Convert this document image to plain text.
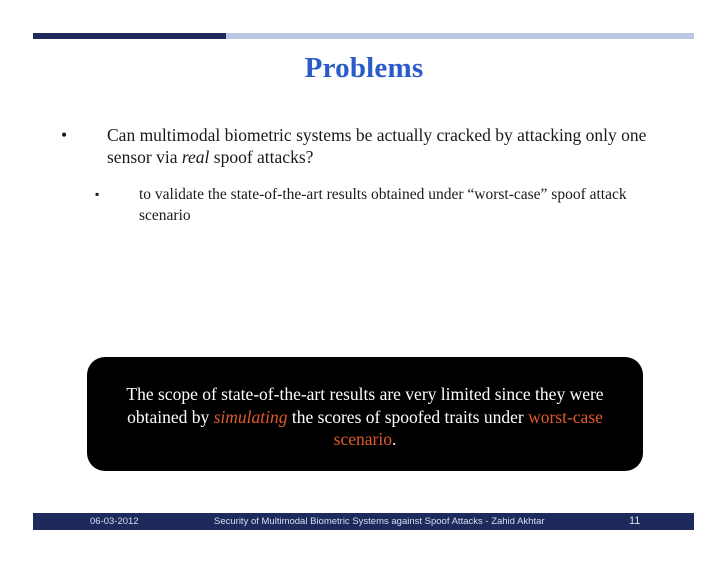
Problems
• Can multimodal biometric systems be actually cracked by attacking only one sensor via real spoof attacks?
▪	to validate the state-of-the-art results obtained under “worst-case” spoof attack scenario
The scope of state-of-the-art results are very limited since they were obtained by simulating the scores of spoofed traits under worst-case scenario.
06-03-2012	Security of Multimodal Biometric Systems against Spoof Attacks - Zahid Akhtar	11
